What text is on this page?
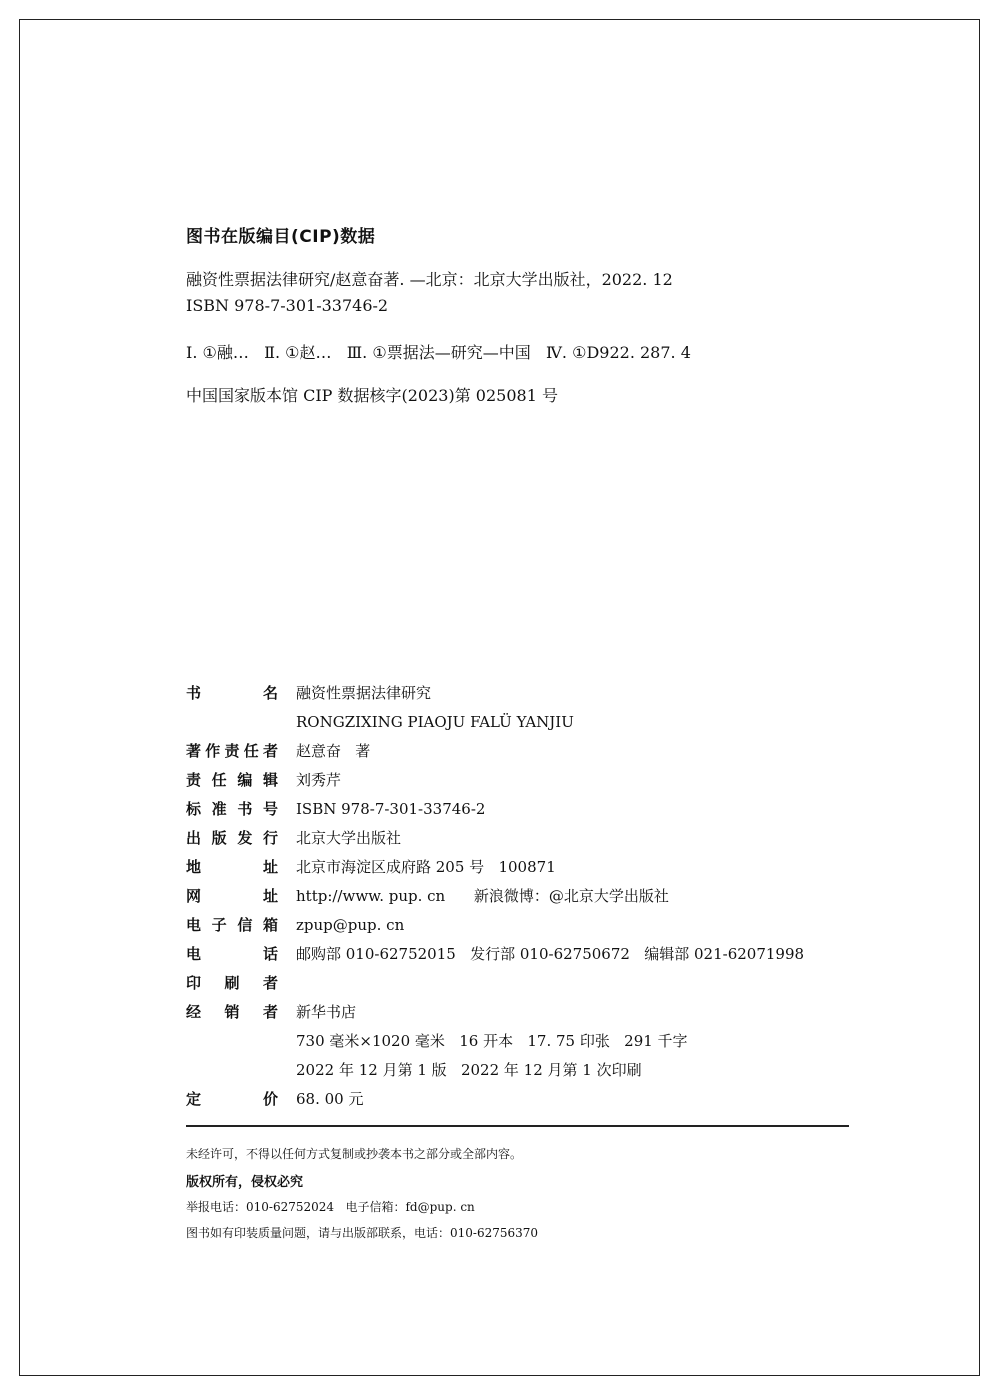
图书在版编目(CIP)数据
融资性票据法律研究/赵意奋著. —北京：北京大学出版社，2022. 12
ISBN 978-7-301-33746-2
Ⅰ. ①融…   Ⅱ. ①赵…   Ⅲ. ①票据法—研究—中国   Ⅳ. ①D922. 287. 4
中国国家版本馆 CIP 数据核字(2023)第 025081 号
书名	融资性票据法律研究

	RONGZIXING PIAOJU FALÜ YANJIU

著作责任者	赵意奋   著

责任编辑	刘秀芹

标准书号	ISBN 978-7-301-33746-2

出版发行	北京大学出版社

地址	北京市海淀区成府路 205 号   100871

网址	http://www. pup. cn      新浪微博：@北京大学出版社

电子信箱	zpup@pup. cn

电话	邮购部 010-62752015   发行部 010-62750672   编辑部 021-62071998

印刷者	

经销者	新华书店

	730 毫米×1020 毫米   16 开本   17. 75 印张   291 千字

	2022 年 12 月第 1 版   2022 年 12 月第 1 次印刷

定价	68. 00 元
未经许可，不得以任何方式复制或抄袭本书之部分或全部内容。
版权所有，侵权必究
举报电话：010-62752024   电子信箱：fd@pup. cn
图书如有印装质量问题，请与出版部联系，电话：010-62756370
